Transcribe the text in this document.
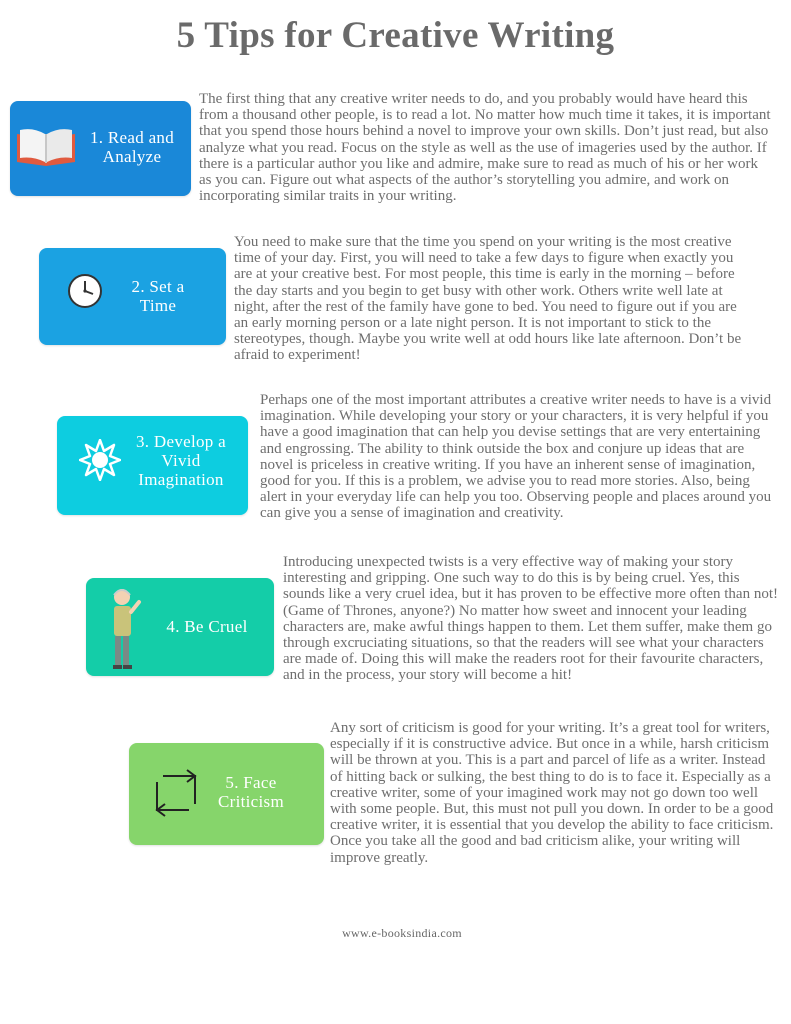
5 Tips for Creative Writing
1. Read and Analyze

The first thing that any creative writer needs to do, and you probably would have heard this from a thousand other people, is to read a lot. No matter how much time it takes, it is important that you spend those hours behind a novel to improve your own skills. Don’t just read, but also analyze what you read. Focus on the style as well as the use of imageries used by the author. If there is a particular author you like and admire, make sure to read as much of his or her work as you can. Figure out what aspects of the author’s storytelling you admire, and work on incorporating similar traits in your writing.

2. Set a Time

You need to make sure that the time you spend on your writing is the most creative time of your day. First, you will need to take a few days to figure when exactly you are at your creative best. For most people, this time is early in the morning – before the day starts and you begin to get busy with other work. Others write well late at night, after the rest of the family have gone to bed. You need to figure out if you are an early morning person or a late night person. It is not important to stick to the stereotypes, though. Maybe you write well at odd hours like late afternoon. Don’t be afraid to experiment!

3. Develop a Vivid Imagination

Perhaps one of the most important attributes a creative writer needs to have is a vivid imagination. While developing your story or your characters, it is very helpful if you have a good imagination that can help you devise settings that are very entertaining and engrossing. The ability to think outside the box and conjure up ideas that are novel is priceless in creative writing. If you have an inherent sense of imagination, good for you. If this is a problem, we advise you to read more stories. Also, being alert in your everyday life can help you too. Observing people and places around you can give you a sense of imagination and creativity.

4. Be Cruel

Introducing unexpected twists is a very effective way of making your story interesting and gripping. One such way to do this is by being cruel. Yes, this sounds like a very cruel idea, but it has proven to be effective more often than not! (Game of Thrones, anyone?) No matter how sweet and innocent your leading characters are, make awful things happen to them. Let them suffer, make them go through excruciating situations, so that the readers will see what your characters are made of. Doing this will make the readers root for their favourite characters, and in the process, your story will become a hit!

5. Face Criticism

Any sort of criticism is good for your writing. It’s a great tool for writers, especially if it is constructive advice. But once in a while, harsh criticism will be thrown at you. This is a part and parcel of life as a writer. Instead of hitting back or sulking, the best thing to do is to face it. Especially as a creative writer, some of your imagined work may not go down too well with some people. But, this must not pull you down. In order to be a good creative writer, it is essential that you develop the ability to face criticism. Once you take all the good and bad criticism alike, your writing will improve greatly.

www.e-booksindia.com
